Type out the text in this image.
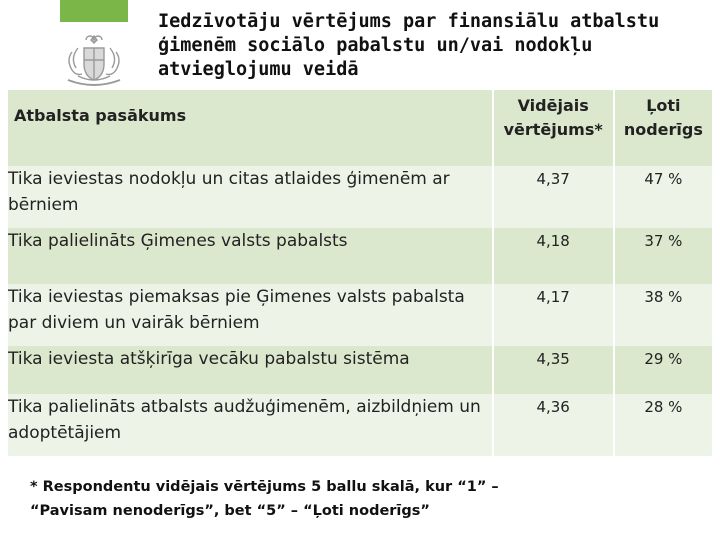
Iedzīvotāju vērtējums par finansiālu atbalstu ģimenēm sociālo pabalstu un/vai nodokļu atvieglojumu veidā
Atbalsta pasākums	Vidējais vērtējums*	Ļoti noderīgs
Tika ieviestas nodokļu un citas atlaides ģimenēm ar bērniem	4,37	47 %
Tika palielināts Ģimenes valsts pabalsts	4,18	37 %
Tika ieviestas piemaksas pie Ģimenes valsts pabalsta par diviem un vairāk bērniem	4,17	38 %
Tika ieviesta atšķirīga vecāku pabalstu sistēma	4,35	29 %
Tika palielināts atbalsts audžuģimenēm, aizbildņiem un adoptētājiem	4,36	28 %
* Respondentu vidējais vērtējums 5 ballu skalā, kur “1” – “Pavisam nenoderīgs”, bet “5” – “Ļoti noderīgs”
